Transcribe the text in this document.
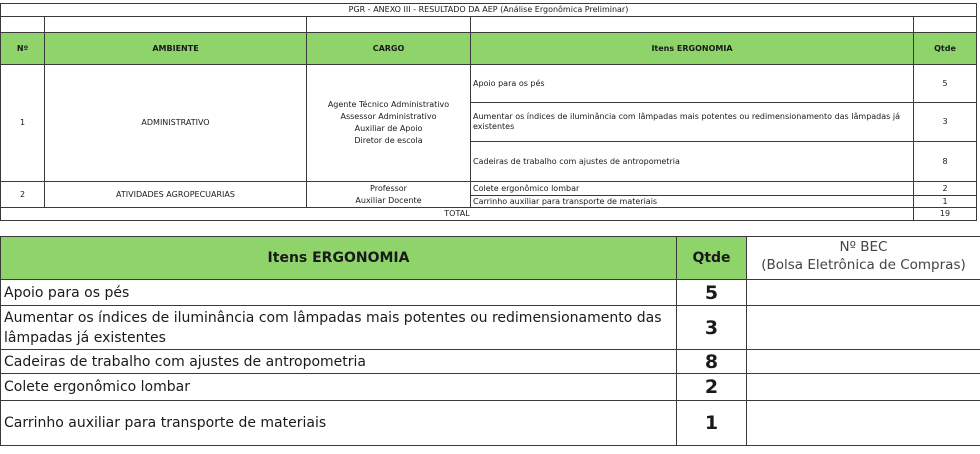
PGR - ANEXO III - RESULTADO DA AEP (Análise Ergonômica Preliminar)				

Nº	AMBIENTE	CARGO	Itens ERGONOMIA	Qtde
1	ADMINISTRATIVO	Agente Técnico Administrativo
Assessor Administrativo
Auxiliar de Apoio
Diretor de escola	Apoio para os pés	5
			Aumentar os índices de iluminância com lâmpadas mais potentes ou redimensionamento das lâmpadas já existentes	3
			Cadeiras de trabalho com ajustes de antropometria	8
2	ATIVIDADES AGROPECUARIAS	Professor
Auxiliar Docente	Colete ergonômico lombar	2
			Carrinho auxiliar para transporte de materiais	1
TOTAL				19
Itens ERGONOMIA	Qtde	Nº BEC
(Bolsa Eletrônica de Compras)

Apoio para os pés	5	
Aumentar os índices de iluminância com lâmpadas mais potentes ou redimensionamento das lâmpadas já existentes	3	
Cadeiras de trabalho com ajustes de antropometria	8	
Colete ergonômico lombar	2	
Carrinho auxiliar para transporte de materiais	1	
